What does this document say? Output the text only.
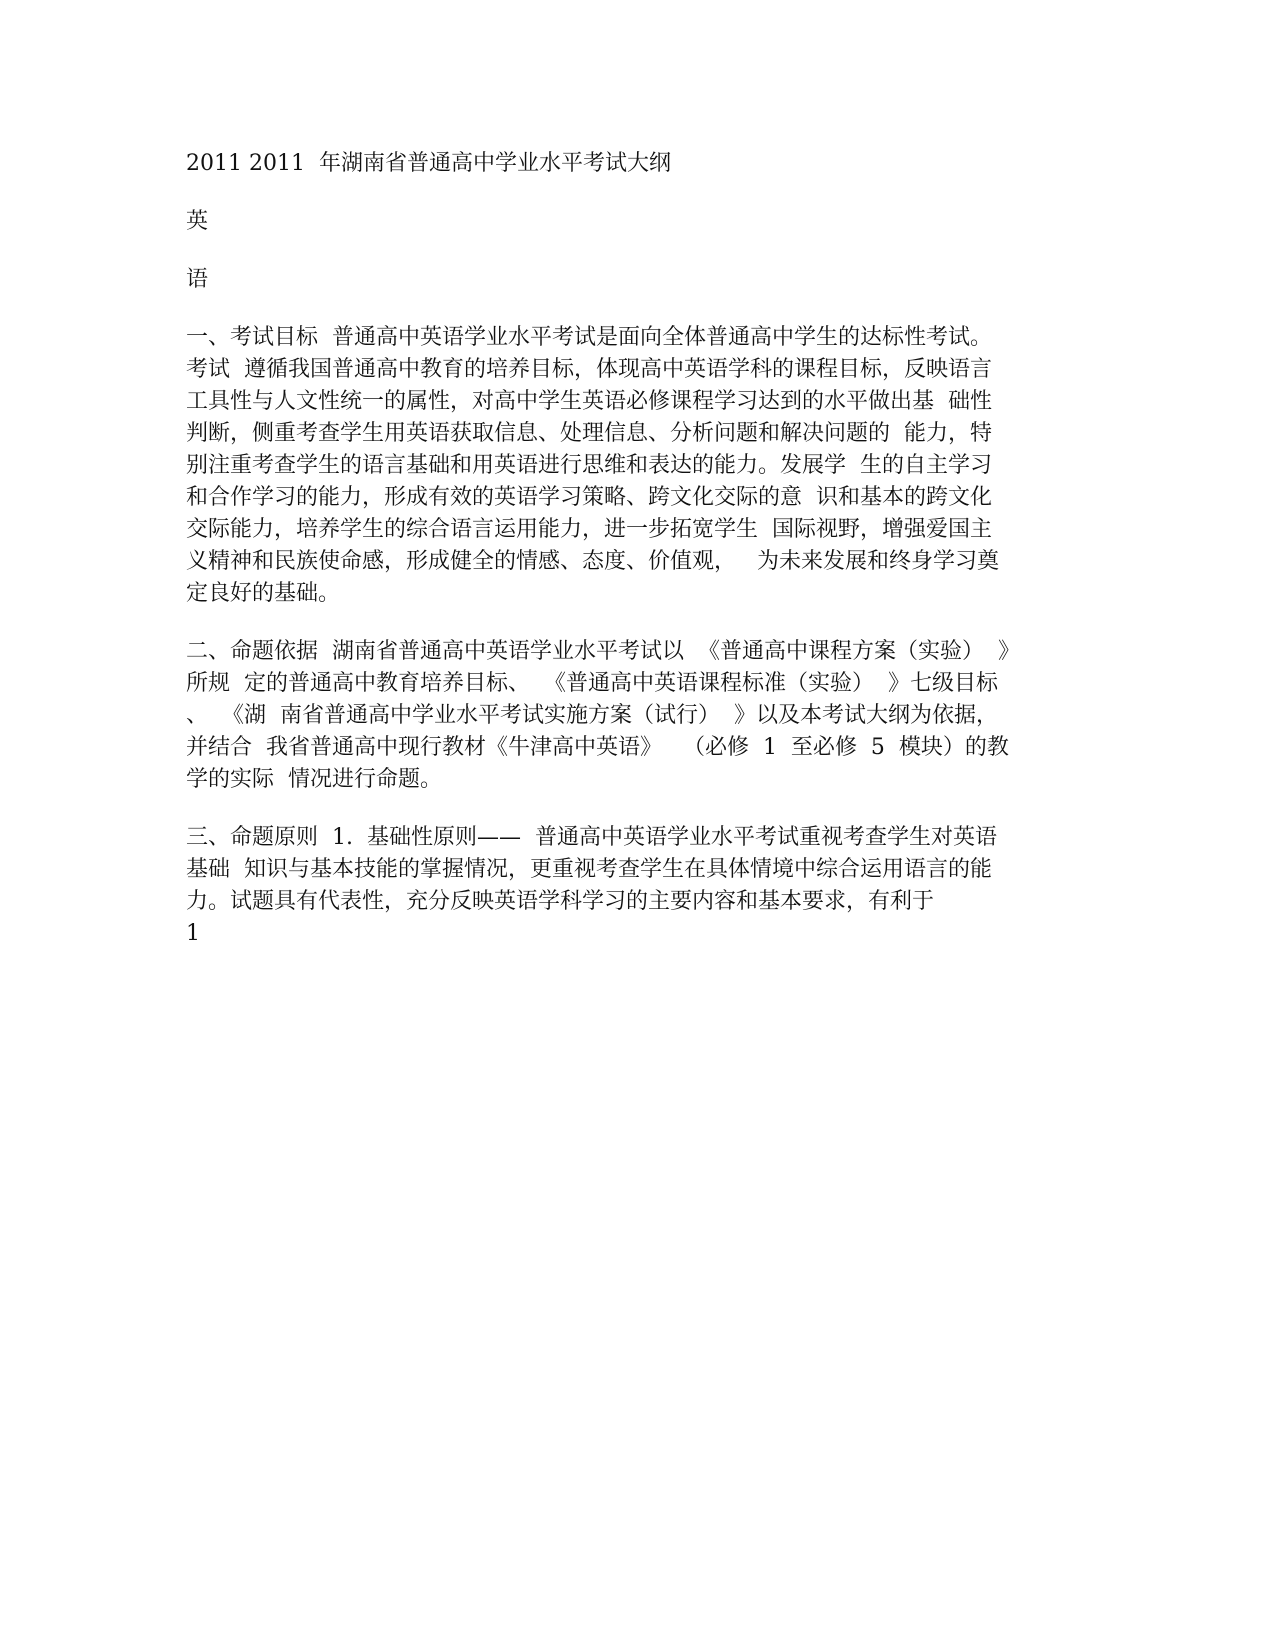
2011 2011  年湖南省普通高中学业水平考试大纲

英

语

一、考试目标  普通高中英语学业水平考试是面向全体普通高中学生的达标性考试。

考试  遵循我国普通高中教育的培养目标，体现高中英语学科的课程目标，反映语言

工具性与人文性统一的属性，对高中学生英语必修课程学习达到的水平做出基  础性

判断，侧重考查学生用英语获取信息、处理信息、分析问题和解决问题的  能力，特

别注重考查学生的语言基础和用英语进行思维和表达的能力。发展学  生的自主学习

和合作学习的能力，形成有效的英语学习策略、跨文化交际的意  识和基本的跨文化

交际能力，培养学生的综合语言运用能力，进一步拓宽学生  国际视野，增强爱国主

义精神和民族使命感，形成健全的情感、态度、价值观，   为未来发展和终身学习奠

定良好的基础。

二、命题依据  湖南省普通高中英语学业水平考试以  《普通高中课程方案（实验）  》

所规  定的普通高中教育培养目标、  《普通高中英语课程标准（实验）  》七级目标

、  《湖  南省普通高中学业水平考试实施方案（试行）  》以及本考试大纲为依据，

并结合  我省普通高中现行教材《牛津高中英语》   （必修  1  至必修  5  模块）的教

学的实际  情况进行命题。

三、命题原则  1.  基础性原则——  普通高中英语学业水平考试重视考查学生对英语

基础  知识与基本技能的掌握情况，更重视考查学生在具体情境中综合运用语言的能

力。试题具有代表性，充分反映英语学科学习的主要内容和基本要求，有利于

1
